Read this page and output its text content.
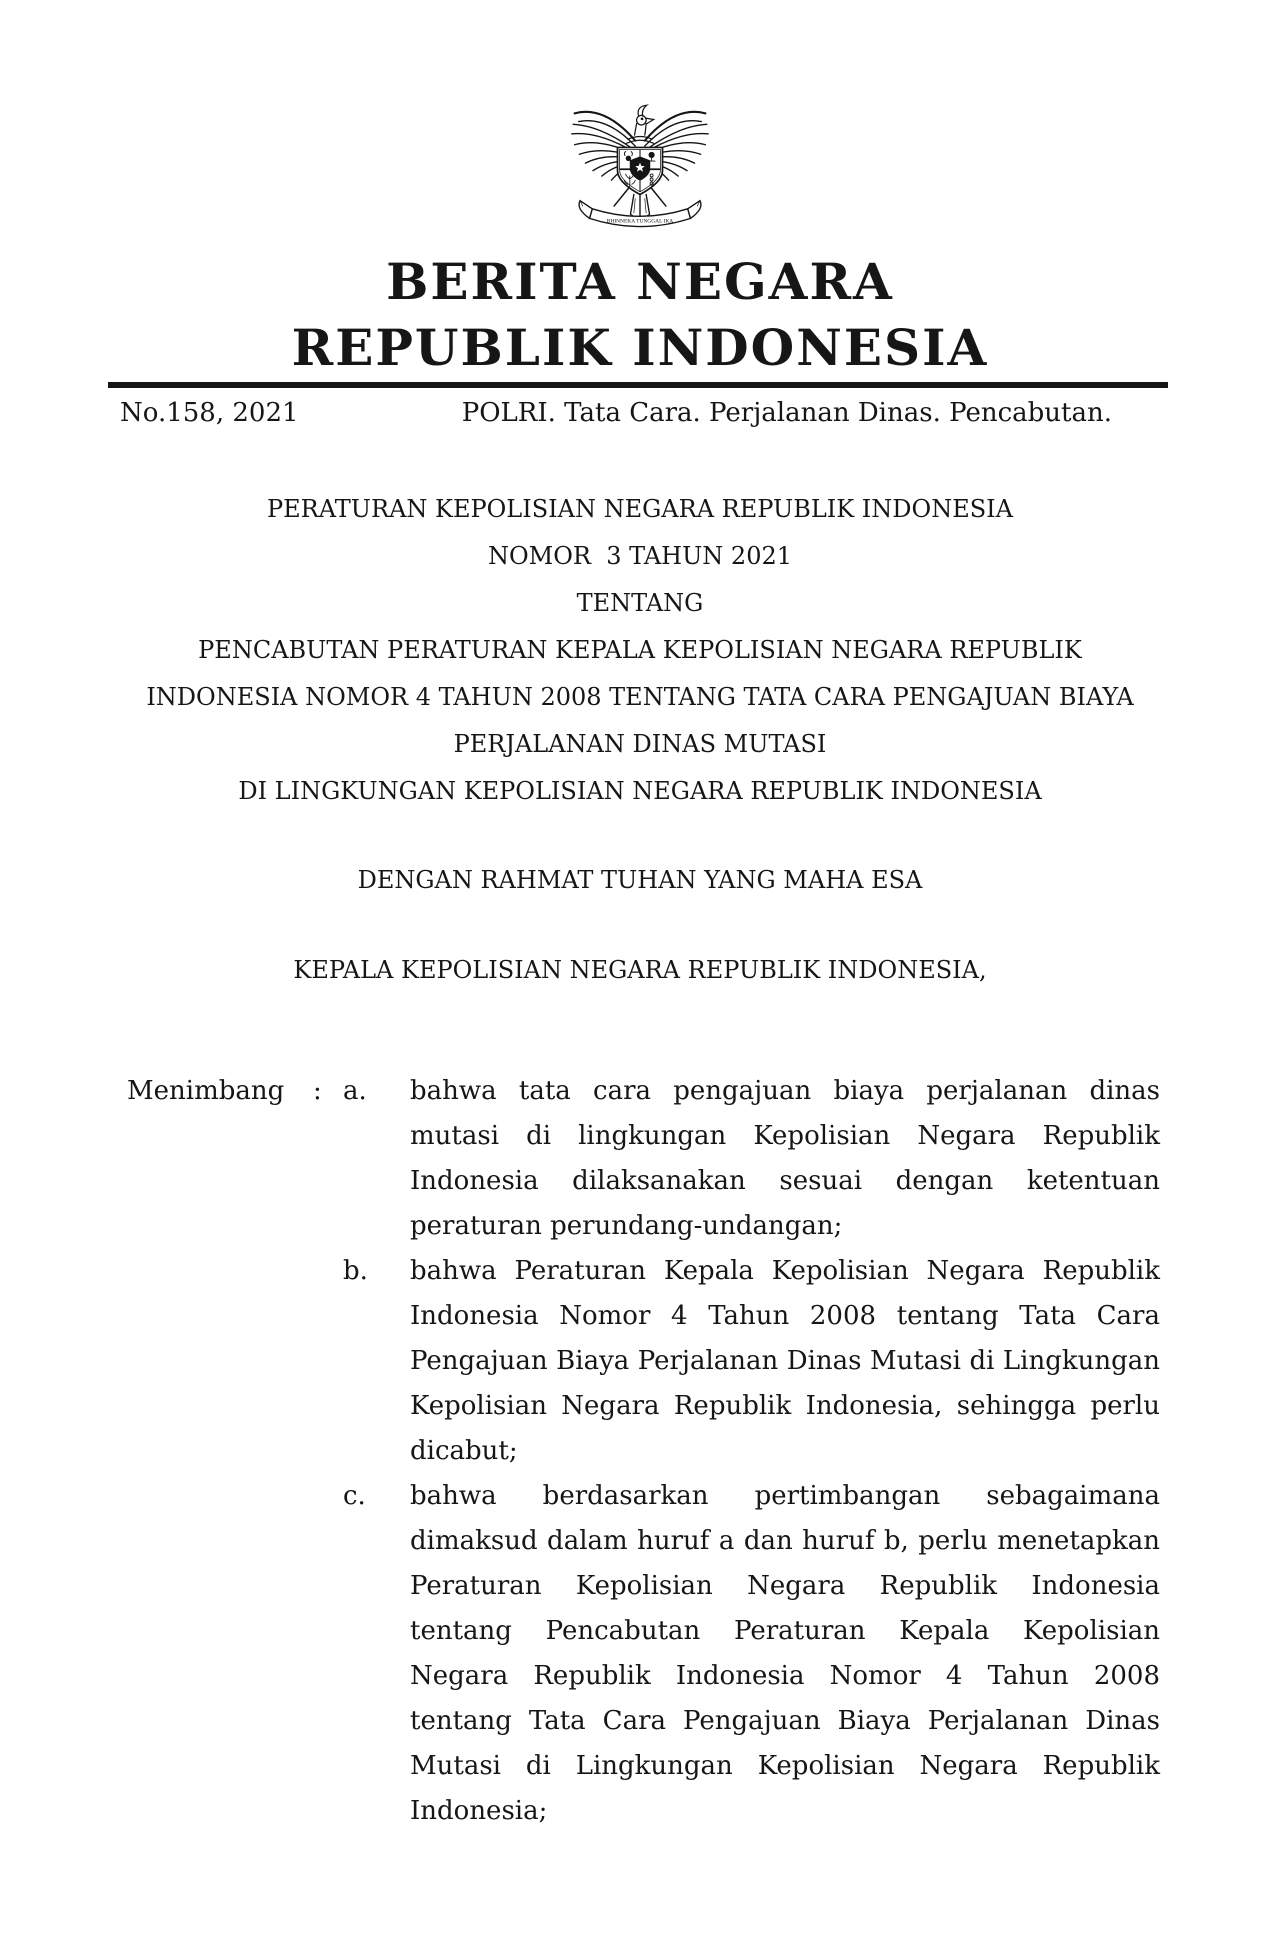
BHINNEKA TUNGGAL IKA
BERITA NEGARA
REPUBLIK INDONESIA
No.158, 2021	POLRI. Tata Cara. Perjalanan Dinas. Pencabutan.
PERATURAN KEPOLISIAN NEGARA REPUBLIK INDONESIA
NOMOR  3 TAHUN 2021
TENTANG
PENCABUTAN PERATURAN KEPALA KEPOLISIAN NEGARA REPUBLIK
INDONESIA NOMOR 4 TAHUN 2008 TENTANG TATA CARA PENGAJUAN BIAYA
PERJALANAN DINAS MUTASI
DI LINGKUNGAN KEPOLISIAN NEGARA REPUBLIK INDONESIA
DENGAN RAHMAT TUHAN YANG MAHA ESA
KEPALA KEPOLISIAN NEGARA REPUBLIK INDONESIA,
Menimbang	: a.	bahwa tata cara pengajuan biaya perjalanan dinas mutasi di lingkungan Kepolisian Negara Republik Indonesia dilaksanakan sesuai dengan ketentuan peraturan perundang-undangan;
b.	bahwa Peraturan Kepala Kepolisian Negara Republik Indonesia Nomor 4 Tahun 2008 tentang Tata Cara Pengajuan Biaya Perjalanan Dinas Mutasi di Lingkungan Kepolisian Negara Republik Indonesia, sehingga perlu dicabut;
c.	bahwa berdasarkan pertimbangan sebagaimana dimaksud dalam huruf a dan huruf b, perlu menetapkan Peraturan Kepolisian Negara Republik Indonesia tentang Pencabutan Peraturan Kepala Kepolisian Negara Republik Indonesia Nomor 4 Tahun 2008 tentang Tata Cara Pengajuan Biaya Perjalanan Dinas Mutasi di Lingkungan Kepolisian Negara Republik Indonesia;
